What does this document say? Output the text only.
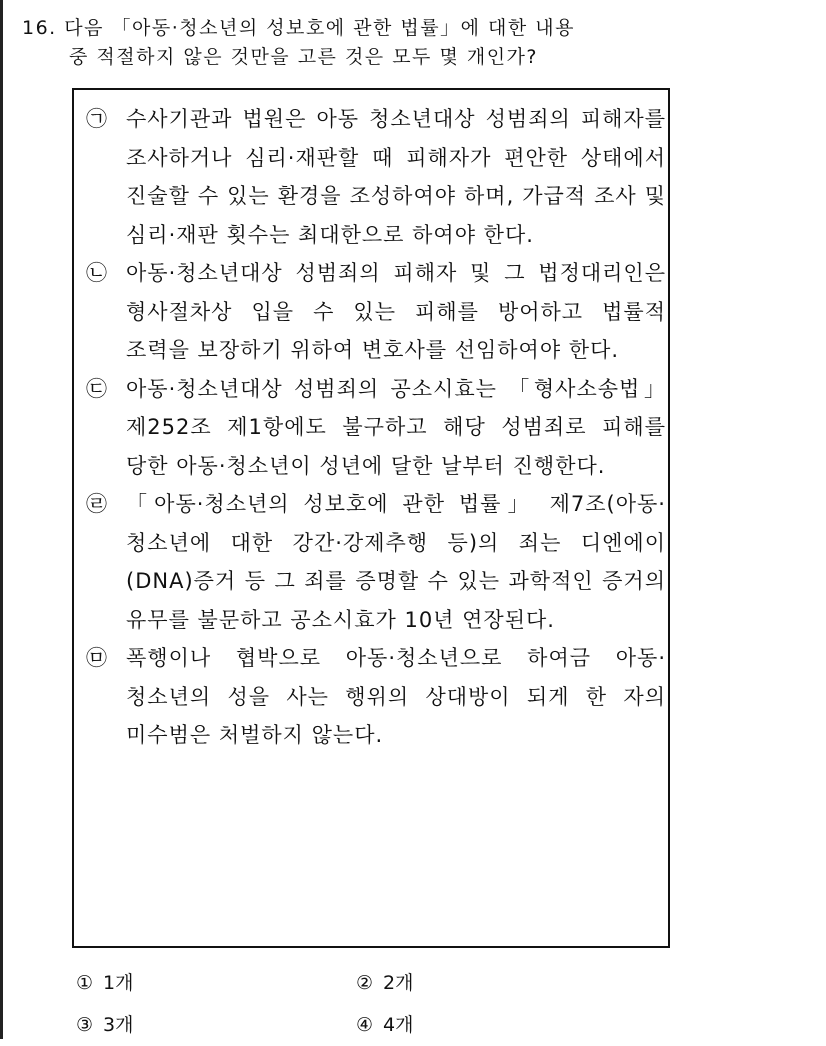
16. 다음 「아동·청소년의 성보호에 관한 법률」에 대한 내용
중 적절하지 않은 것만을 고른 것은 모두 몇 개인가?
㉠ 수사기관과 법원은 아동 청소년대상 성범죄의 피해자를 조사하거나 심리·재판할 때 피해자가 편안한 상태에서 진술할 수 있는 환경을 조성하여야 하며, 가급적 조사 및 심리·재판 횟수는 최대한으로 하여야 한다.
㉡ 아동·청소년대상 성범죄의 피해자 및 그 법정대리인은 형사절차상 입을 수 있는 피해를 방어하고 법률적 조력을 보장하기 위하여 변호사를 선임하여야 한다.
㉢ 아동·청소년대상 성범죄의 공소시효는 「형사소송법」 제252조 제1항에도 불구하고 해당 성범죄로 피해를 당한 아동·청소년이 성년에 달한 날부터 진행한다.
㉣ 「아동·청소년의 성보호에 관한 법률」 제7조(아동·청소년에 대한 강간·강제추행 등)의 죄는 디엔에이(DNA)증거 등 그 죄를 증명할 수 있는 과학적인 증거의 유무를 불문하고 공소시효가 10년 연장된다.
㉤ 폭행이나 협박으로 아동·청소년으로 하여금 아동·청소년의 성을 사는 행위의 상대방이 되게 한 자의 미수범은 처벌하지 않는다.
① 1개	② 2개
③ 3개	④ 4개
